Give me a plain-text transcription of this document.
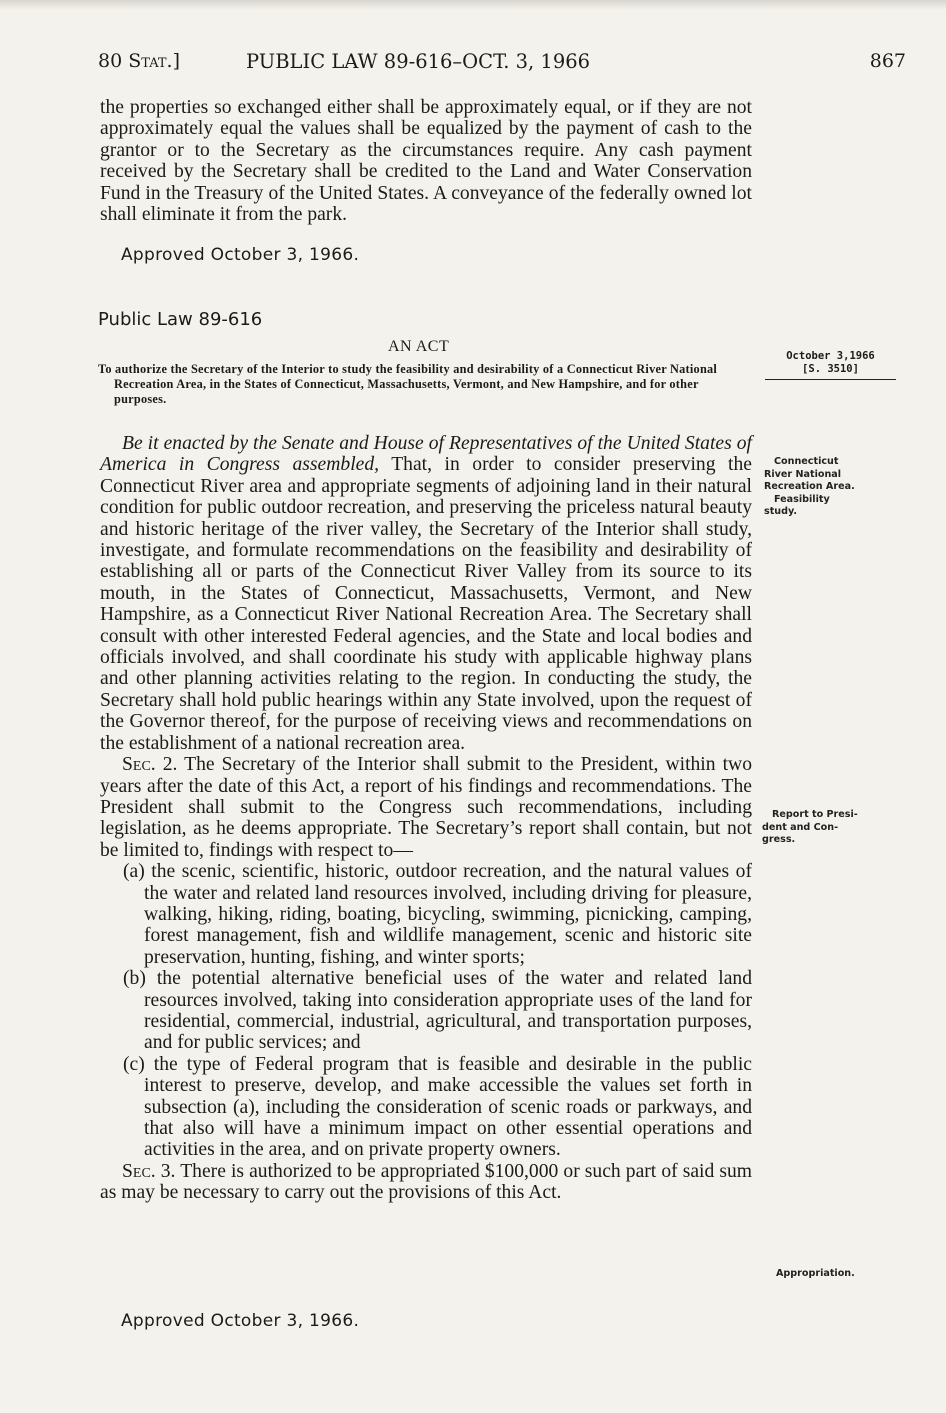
80 Stat.]	PUBLIC LAW 89-616–OCT. 3, 1966	867

the properties so exchanged either shall be approximately equal, or if they are not approximately equal the values shall be equalized by the payment of cash to the grantor or to the Secretary as the circumstances require. Any cash payment received by the Secretary shall be credited to the Land and Water Conservation Fund in the Treasury of the United States. A conveyance of the federally owned lot shall eliminate it from the park.

Approved October 3, 1966.
Public Law 89-616
AN ACT

To authorize the Secretary of the Interior to study the feasibility and desirability of a Connecticut River National Recreation Area, in the States of Connecticut, Massachusetts, Vermont, and New Hampshire, and for other purposes.

October 3,1966
[S. 3510]

Be it enacted by the Senate and House of Representatives of the United States of America in Congress assembled, That, in order to consider preserving the Connecticut River area and appropriate segments of adjoining land in their natural condition for public outdoor recreation, and preserving the priceless natural beauty and historic heritage of the river valley, the Secretary of the Interior shall study, investigate, and formulate recommendations on the feasibility and desirability of establishing all or parts of the Connecticut River Valley from its source to its mouth, in the States of Connecticut, Massachusetts, Vermont, and New Hampshire, as a Connecticut River National Recreation Area. The Secretary shall consult with other interested Federal agencies, and the State and local bodies and officials involved, and shall coordinate his study with applicable highway plans and other planning activities relating to the region. In conducting the study, the Secretary shall hold public hearings within any State involved, upon the request of the Governor thereof, for the purpose of receiving views and recommendations on the establishment of a national recreation area.

Sec. 2. The Secretary of the Interior shall submit to the President, within two years after the date of this Act, a report of his findings and recommendations. The President shall submit to the Congress such recommendations, including legislation, as he deems appropriate. The Secretary’s report shall contain, but not be limited to, findings with respect to—

(a) the scenic, scientific, historic, outdoor recreation, and the natural values of the water and related land resources involved, including driving for pleasure, walking, hiking, riding, boating, bicycling, swimming, picnicking, camping, forest management, fish and wildlife management, scenic and historic site preservation, hunting, fishing, and winter sports;

(b) the potential alternative beneficial uses of the water and related land resources involved, taking into consideration appropriate uses of the land for residential, commercial, industrial, agricultural, and transportation purposes, and for public services; and

(c) the type of Federal program that is feasible and desirable in the public interest to preserve, develop, and make accessible the values set forth in subsection (a), including the consideration of scenic roads or parkways, and that also will have a minimum impact on other essential operations and activities in the area, and on private property owners.

Sec. 3. There is authorized to be appropriated $100,000 or such part of said sum as may be necessary to carry out the provisions of this Act.

Approved October 3, 1966.
Connecticut
River National
Recreation Area.
Feasibility
study.
Report to Presi-
dent and Con-
gress.
Appropriation.
